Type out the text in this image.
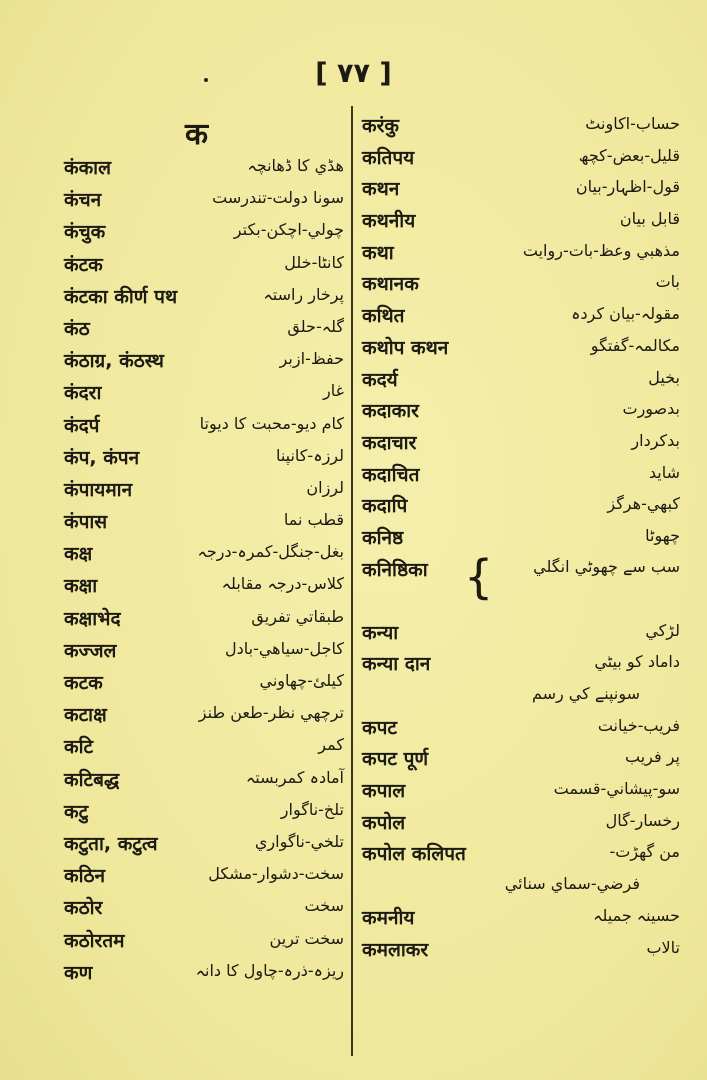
[ ٧٧ ]
क
कंकाल	ھڈي کا ڈھانچہ
कंचन	سونا دولت-تندرست
कंचुक	چولي-اچکن-بکتر
कंटक	کانٹا-خلل
कंटका कीर्ण पथ	پرخار راستہ
कंठ	گلہ-حلق
कंठाग्र, कंठस्थ	حفظ-ازبر
कंदरा	غار
कंदर्प	کام ديو-محبت کا ديوتا
कंप, कंपन	لرزہ-کانپنا
कंपायमान	لرزان
कंपास	قطب نما
कक्ष	بغل-جنگل-کمرہ-درجہ
कक्षा	کلاس-درجہ مقابلہ
कक्षाभेद	طبقاتي تفريق
कज्जल	کاجل-سياھي-بادل
कटक	کيلئ-چھاوني
कटाक्ष	ترچھي نظر-طعن طنز
कटि	کمر
कटिबद्ध	آمادہ کمربستہ
कटु	تلخ-ناگوار
कटुता, कटुत्व	تلخي-ناگواري
कठिन	سخت-دشوار-مشکل
कठोर	سخت
कठोरतम	سخت ترين
कण	ريزہ-ذرہ-چاول کا دانہ
करंकु	حساب-اکاونٹ
कतिपय	قليل-بعض-کچھ
कथन	قول-اظہار-بيان
कथनीय	قابل بيان
कथा	مذھبي وعظ-بات-روايت
कथानक	بات
कथित	مقولہ-بيان کردہ
कथोप कथन	مکالمہ-گفتگو
कदर्य	بخيل
कदाकार	بدصورت
कदाचार	بدکردار
कदाचित	شايد
कदापि	کبھي-ھرگز
कनिष्ठ	چھوٹا
कनिष्ठिका { سب سے چھوٹي انگلي
कन्या	لڑکي
कन्या दान	داماد کو بيٹي
سونپنے کي رسم
कपट	فريب-خيانت
कपट पूर्ण	پر فريب
कपाल	سو-پيشاني-قسمت
कपोल	رخسار-گال
कपोल कलिपत	من گھڑت-
فرضي-سماي سنائي
कमनीय	حسينہ جميلہ
कमलाकर	تالاب
